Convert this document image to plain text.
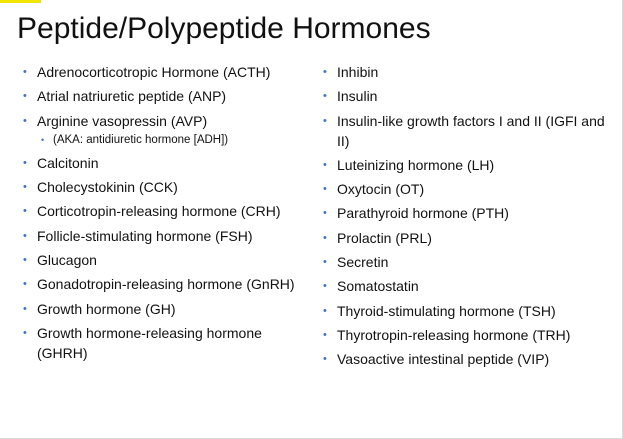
Peptide/Polypeptide Hormones
• Adrenocorticotropic Hormone (ACTH)
• Atrial natriuretic peptide (ANP)
• Arginine vasopressin (AVP)
• (AKA: antidiuretic hormone [ADH])
• Calcitonin
• Cholecystokinin (CCK)
• Corticotropin-releasing hormone (CRH)
• Follicle-stimulating hormone (FSH)
• Glucagon
• Gonadotropin-releasing hormone (GnRH)
• Growth hormone (GH)
• Growth hormone-releasing hormone (GHRH)
• Inhibin
• Insulin
• Insulin-like growth factors I and II (IGFI and II)
• Luteinizing hormone (LH)
• Oxytocin (OT)
• Parathyroid hormone (PTH)
• Prolactin (PRL)
• Secretin
• Somatostatin
• Thyroid-stimulating hormone (TSH)
• Thyrotropin-releasing hormone (TRH)
• Vasoactive intestinal peptide (VIP)
